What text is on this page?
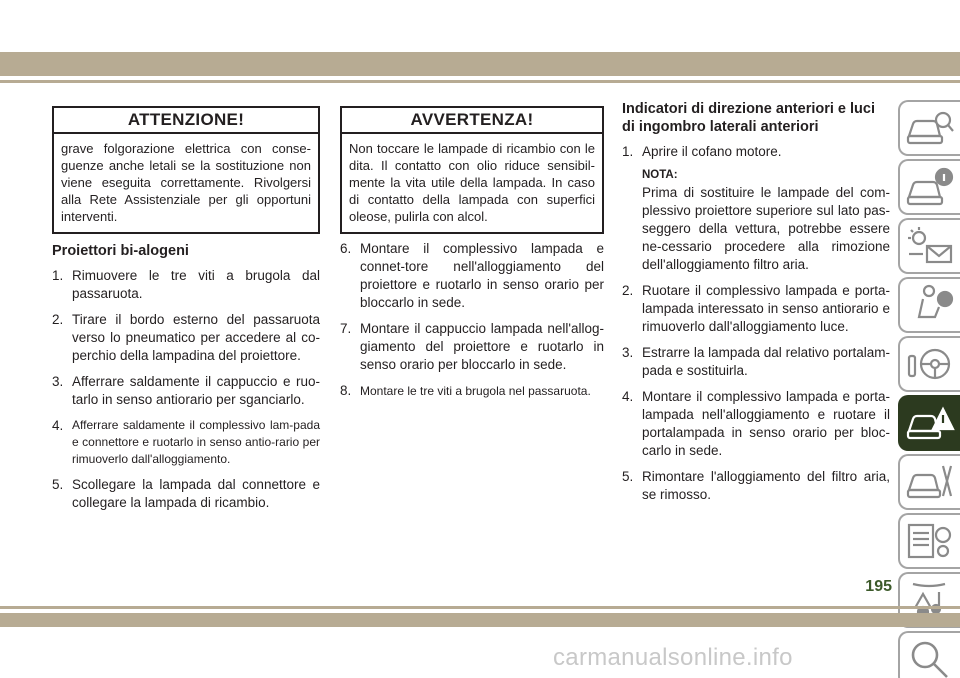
ATTENZIONE!

grave folgorazione elettrica con conse-guenze anche letali se la sostituzione non viene eseguita correttamente. Rivolgersi alla Rete Assistenziale per gli opportuni interventi.

Proiettori bi-alogeni
1. Rimuovere le tre viti a brugola dal passaruota.
2. Tirare il bordo esterno del passaruota verso lo pneumatico per accedere al co-perchio della lampadina del proiettore.
3. Afferrare saldamente il cappuccio e ruo-tarlo in senso antiorario per sganciarlo.
4. Afferrare saldamente il complessivo lam-pada e connettore e ruotarlo in senso antio-rario per rimuoverlo dall'alloggiamento.
5. Scollegare la lampada dal connettore e collegare la lampada di ricambio.
AVVERTENZA!

Non toccare le lampade di ricambio con le dita. Il contatto con olio riduce sensibil-mente la vita utile della lampada. In caso di contatto della lampada con superfici oleose, pulirla con alcol.

6. Montare il complessivo lampada e connet-tore nell'alloggiamento del proiettore e ruotarlo in senso orario per bloccarlo in sede.
7. Montare il cappuccio lampada nell'allog-giamento del proiettore e ruotarlo in senso orario per bloccarlo in sede.
8. Montare le tre viti a brugola nel passaruota.
Indicatori di direzione anteriori e luci di ingombro laterali anteriori
1. Aprire il cofano motore.
NOTA:
Prima di sostituire le lampade del com-plessivo proiettore superiore sul lato pas-seggero della vettura, potrebbe essere ne-cessario procedere alla rimozione dell'alloggiamento filtro aria.
2. Ruotare il complessivo lampada e porta-lampada interessato in senso antiorario e rimuoverlo dall'alloggiamento luce.
3. Estrarre la lampada dal relativo portalam-pada e sostituirla.
4. Montare il complessivo lampada e porta-lampada nell'alloggiamento e ruotare il portalampada in senso orario per bloc-carlo in sede.
5. Rimontare l'alloggiamento del filtro aria, se rimosso.
195
carmanualsonline.info
